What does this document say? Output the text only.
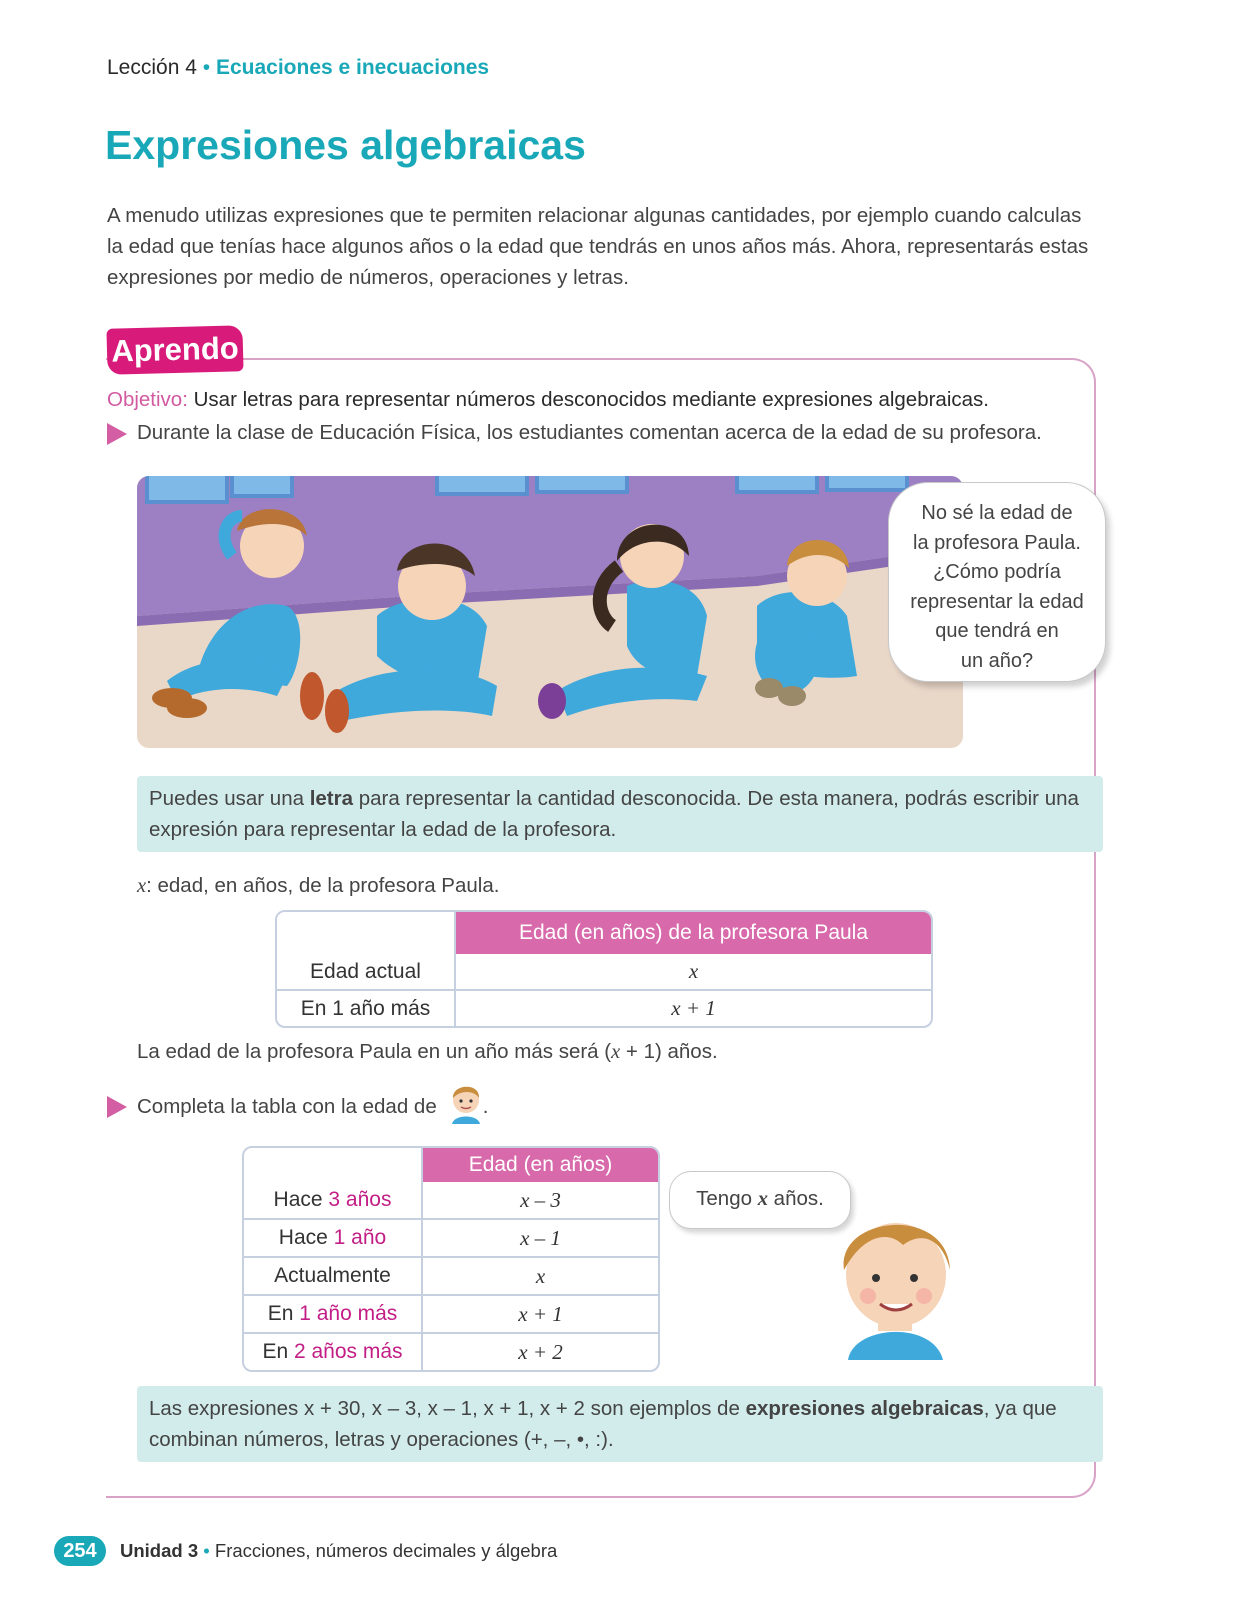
Lección 4 • Ecuaciones e inecuaciones
Expresiones algebraicas

A menudo utilizas expresiones que te permiten relacionar algunas cantidades, por ejemplo cuando calculas la edad que tenías hace algunos años o la edad que tendrás en unos años más. Ahora, representarás estas expresiones por medio de números, operaciones y letras.

Aprendo
Objetivo: Usar letras para representar números desconocidos mediante expresiones algebraicas.
Durante la clase de Educación Física, los estudiantes comentan acerca de la edad de su profesora.
No sé la edad de
la profesora Paula.
¿Cómo podría
representar la edad
que tendrá en
un año?
Puedes usar una letra para representar la cantidad desconocida. De esta manera, podrás escribir una expresión para representar la edad de la profesora.
x: edad, en años, de la profesora Paula.
	Edad (en años) de la profesora Paula
Edad actual	x
En 1 año más	x + 1
La edad de la profesora Paula en un año más será (x + 1) años.
Completa la tabla con la edad de .
	Edad (en años)
Hace 3 años	x – 3
Hace 1 año	x – 1
Actualmente	x
En 1 año más	x + 1
En 2 años más	x + 2
Tengo x años.
Las expresiones x + 30, x – 3, x – 1, x + 1, x + 2 son ejemplos de expresiones algebraicas, ya que combinan números, letras y operaciones (+, –, •, :).
254	Unidad 3 • Fracciones, números decimales y álgebra
